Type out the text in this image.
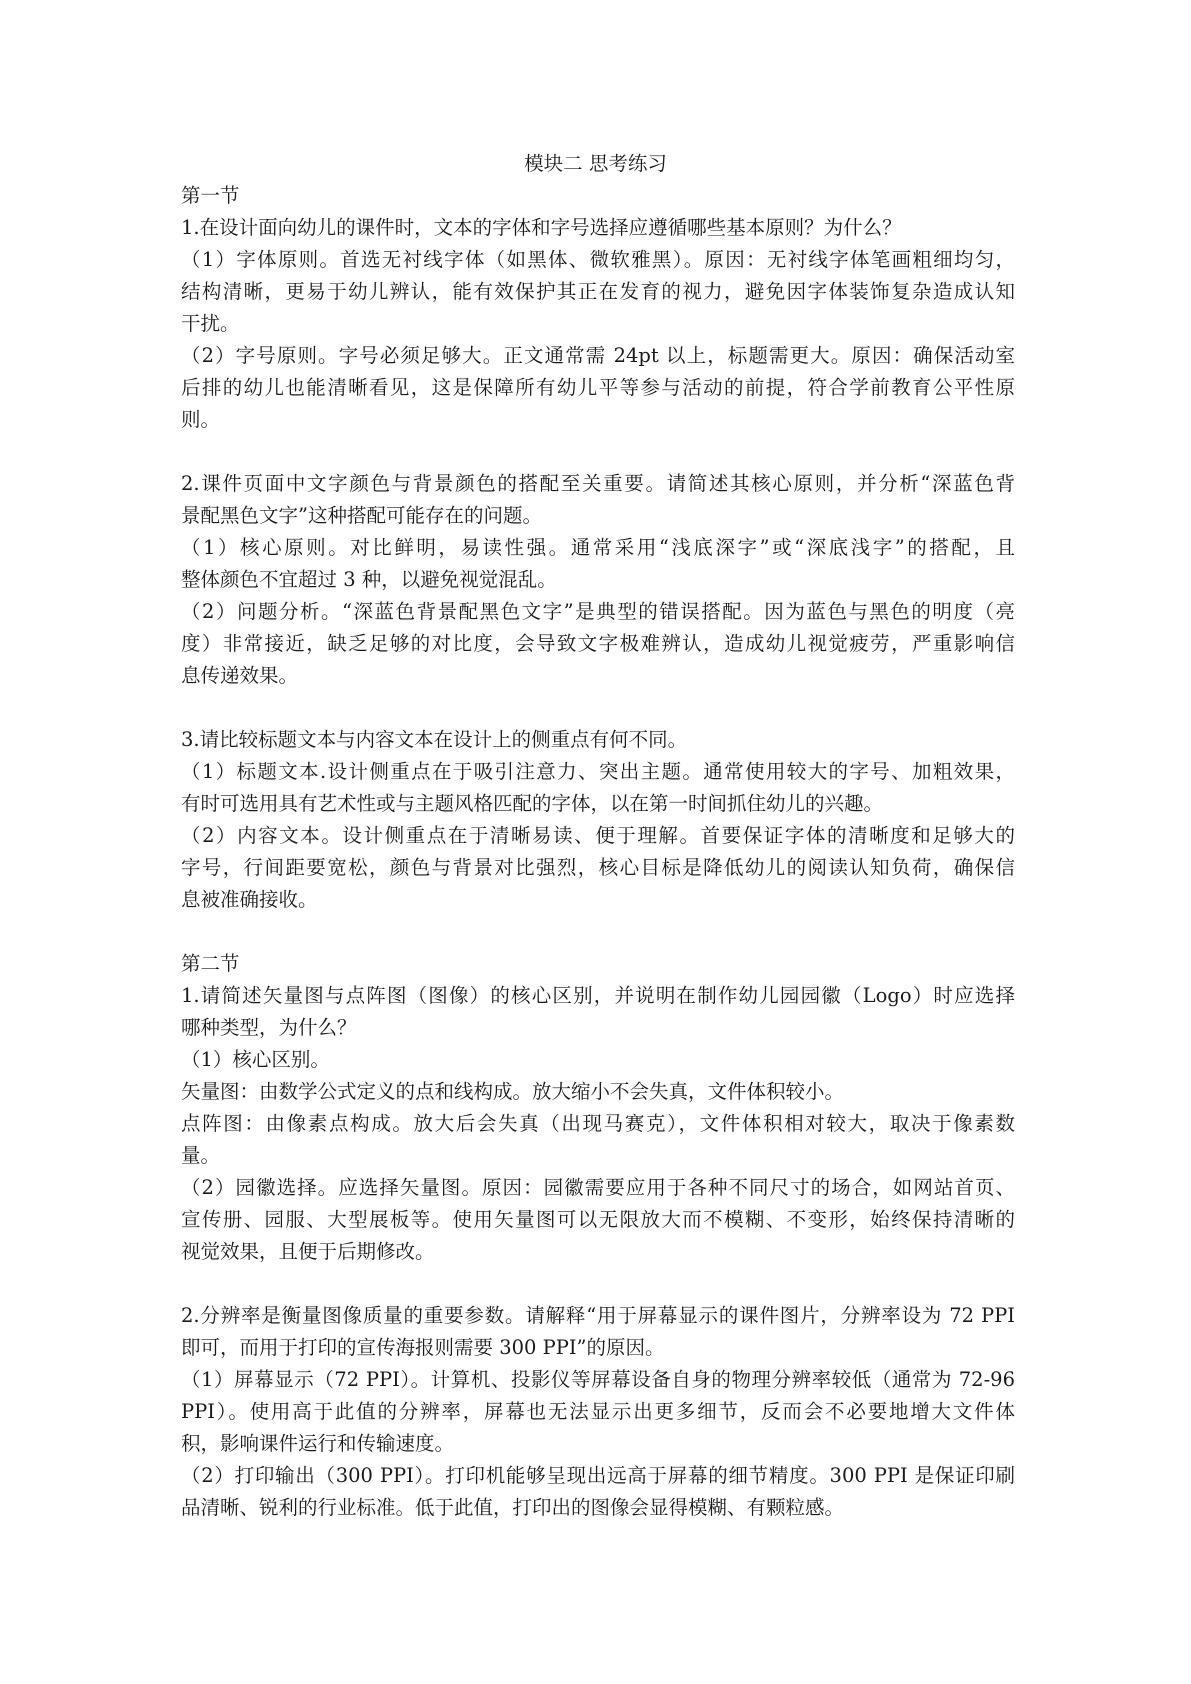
模块二 思考练习

第一节

1.在设计面向幼儿的课件时，文本的字体和字号选择应遵循哪些基本原则？为什么？

（1）字体原则。首选无衬线字体（如黑体、微软雅黑）。原因：无衬线字体笔画粗细均匀，

结构清晰，更易于幼儿辨认，能有效保护其正在发育的视力，避免因字体装饰复杂造成认知

干扰。

（2）字号原则。字号必须足够大。正文通常需 24pt 以上，标题需更大。原因：确保活动室

后排的幼儿也能清晰看见，这是保障所有幼儿平等参与活动的前提，符合学前教育公平性原

则。

2.课件页面中文字颜色与背景颜色的搭配至关重要。请简述其核心原则，并分析“深蓝色背

景配黑色文字”这种搭配可能存在的问题。

（1）核心原则。对比鲜明，易读性强。通常采用“浅底深字”或“深底浅字”的搭配，且

整体颜色不宜超过 3 种，以避免视觉混乱。

（2）问题分析。“深蓝色背景配黑色文字”是典型的错误搭配。因为蓝色与黑色的明度（亮

度）非常接近，缺乏足够的对比度，会导致文字极难辨认，造成幼儿视觉疲劳，严重影响信

息传递效果。

3.请比较标题文本与内容文本在设计上的侧重点有何不同。

（1）标题文本.设计侧重点在于吸引注意力、突出主题。通常使用较大的字号、加粗效果，

有时可选用具有艺术性或与主题风格匹配的字体，以在第一时间抓住幼儿的兴趣。

（2）内容文本。设计侧重点在于清晰易读、便于理解。首要保证字体的清晰度和足够大的

字号，行间距要宽松，颜色与背景对比强烈，核心目标是降低幼儿的阅读认知负荷，确保信

息被准确接收。

第二节

1.请简述矢量图与点阵图（图像）的核心区别，并说明在制作幼儿园园徽（Logo）时应选择

哪种类型，为什么？

（1）核心区别。

矢量图：由数学公式定义的点和线构成。放大缩小不会失真，文件体积较小。

点阵图：由像素点构成。放大后会失真（出现马赛克），文件体积相对较大，取决于像素数

量。

（2）园徽选择。应选择矢量图。原因：园徽需要应用于各种不同尺寸的场合，如网站首页、

宣传册、园服、大型展板等。使用矢量图可以无限放大而不模糊、不变形，始终保持清晰的

视觉效果，且便于后期修改。

2.分辨率是衡量图像质量的重要参数。请解释“用于屏幕显示的课件图片，分辨率设为 72 PPI

即可，而用于打印的宣传海报则需要 300 PPI”的原因。

（1）屏幕显示（72 PPI）。计算机、投影仪等屏幕设备自身的物理分辨率较低（通常为 72-96

PPI）。使用高于此值的分辨率，屏幕也无法显示出更多细节，反而会不必要地增大文件体

积，影响课件运行和传输速度。

（2）打印输出（300 PPI）。打印机能够呈现出远高于屏幕的细节精度。300 PPI 是保证印刷

品清晰、锐利的行业标准。低于此值，打印出的图像会显得模糊、有颗粒感。
